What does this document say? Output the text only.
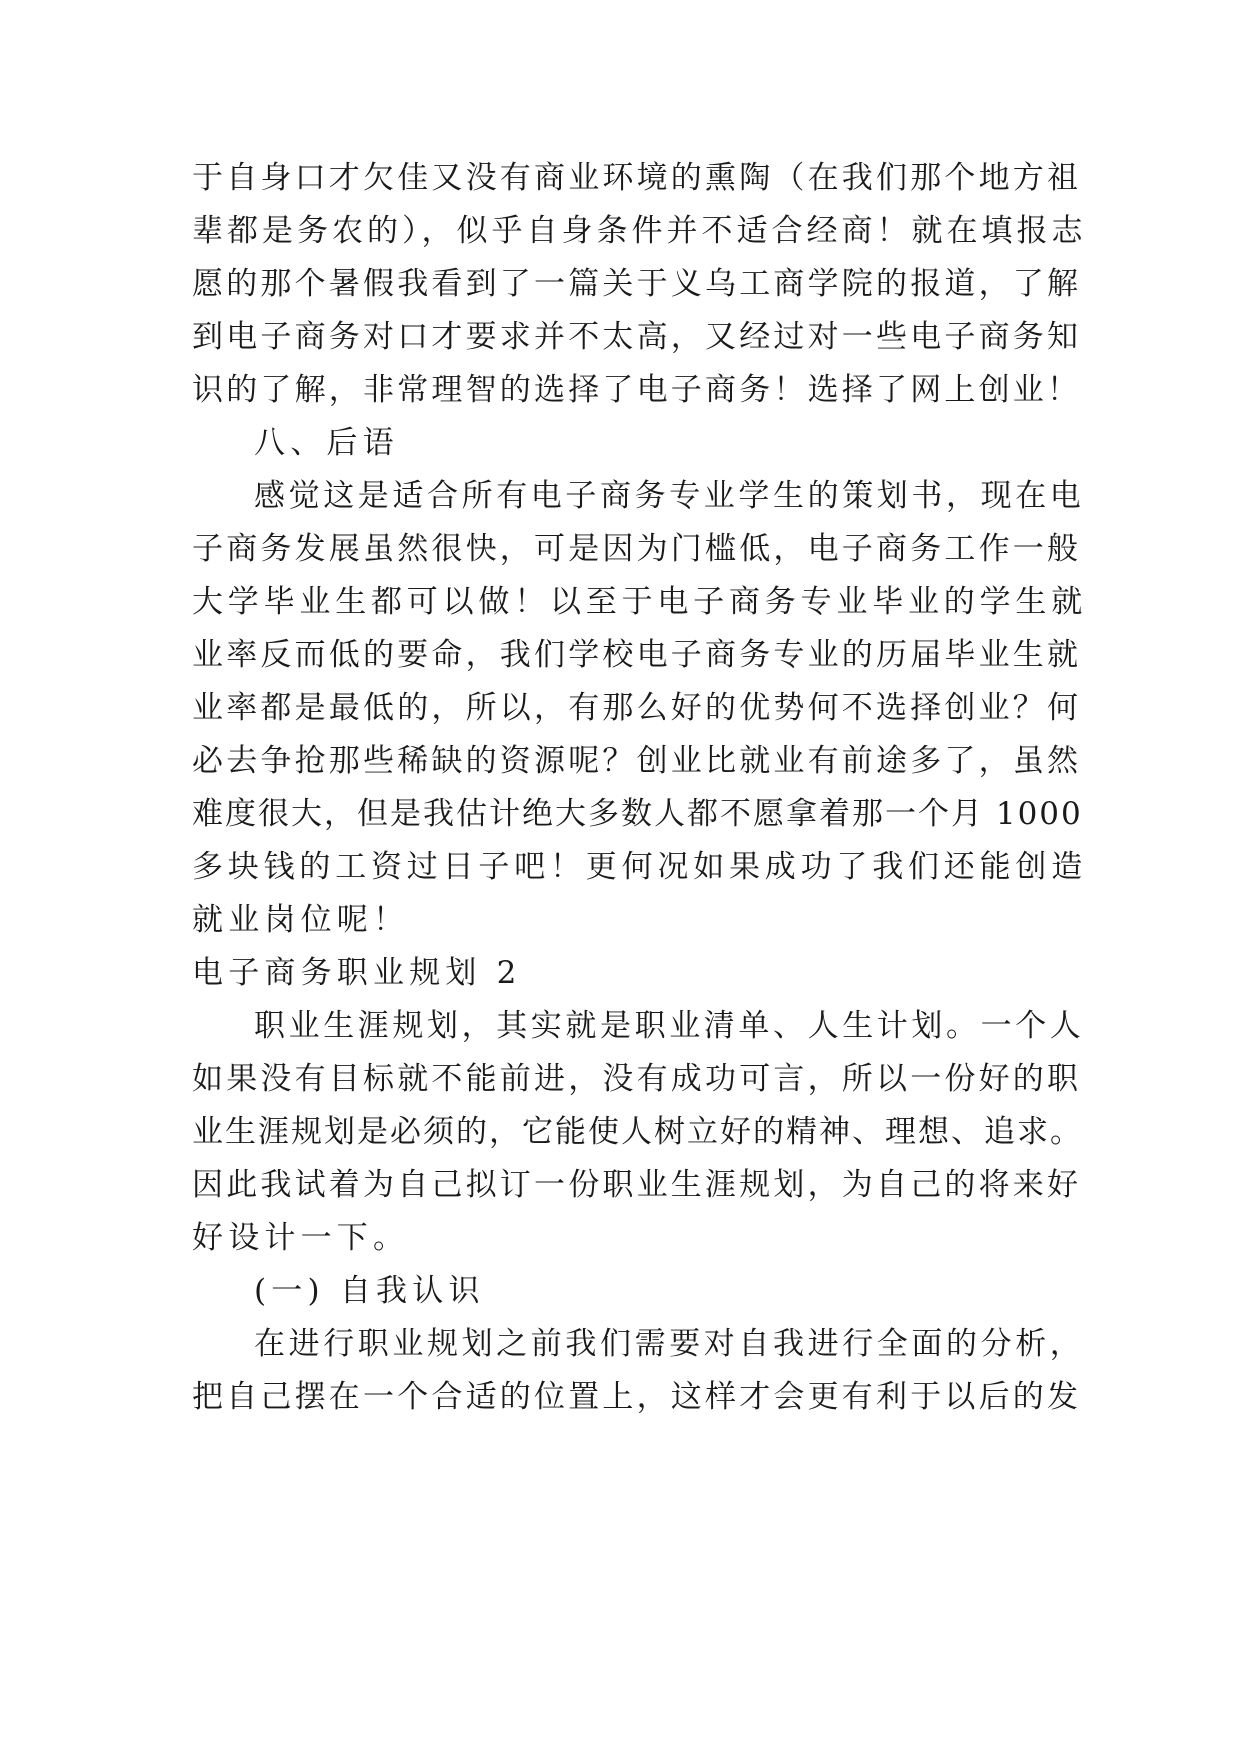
于自身口才欠佳又没有商业环境的熏陶（在我们那个地方祖
辈都是务农的），似乎自身条件并不适合经商！就在填报志
愿的那个暑假我看到了一篇关于义乌工商学院的报道，了解
到电子商务对口才要求并不太高，又经过对一些电子商务知
识的了解，非常理智的选择了电子商务！选择了网上创业！
八、后语
感觉这是适合所有电子商务专业学生的策划书，现在电
子商务发展虽然很快，可是因为门槛低，电子商务工作一般
大学毕业生都可以做！以至于电子商务专业毕业的学生就
业率反而低的要命，我们学校电子商务专业的历届毕业生就
业率都是最低的，所以，有那么好的优势何不选择创业？何
必去争抢那些稀缺的资源呢？创业比就业有前途多了，虽然
难度很大，但是我估计绝大多数人都不愿拿着那一个月 1000
多块钱的工资过日子吧！更何况如果成功了我们还能创造
就业岗位呢！
电子商务职业规划 2
职业生涯规划，其实就是职业清单、人生计划。一个人
如果没有目标就不能前进，没有成功可言，所以一份好的职
业生涯规划是必须的，它能使人树立好的精神、理想、追求。
因此我试着为自己拟订一份职业生涯规划，为自己的将来好
好设计一下。
(一) 自我认识
在进行职业规划之前我们需要对自我进行全面的分析，
把自己摆在一个合适的位置上，这样才会更有利于以后的发
